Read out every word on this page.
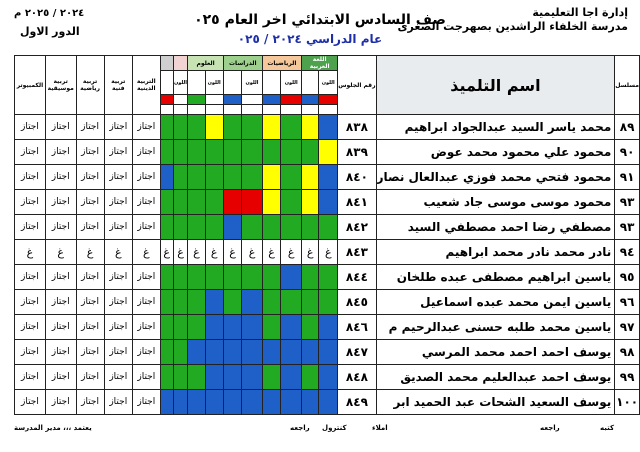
إدارة اجا التعليمية
مدرسة الخلفاء الراشدين بصهرجت الصغرى
صف السادس الابتدائي اخر العام ٠٢٥
عام الدراسي ٢٠٢٤ / ٠٢٥
٢٠٢٤ / ٢٠٢٥ م
الدور الاول
مسلسل	اسم التلميذ	رقم الجلوس	اللغة العربية		الرياضيات		الدراسات		العلوم				التربية الدينية	تربية فنية	تربية رياضية	تربية موسيقية	الكمبيوتر
			اللون		اللون		اللون		اللون		اللون						

٨٩	محمد ياسر السيد عبدالجواد ابراهيم	٨٣٨											اجتاز	اجتاز	اجتاز	اجتاز	اجتاز
٩٠	محمود علي محمود محمد عوض	٨٣٩											اجتاز	اجتاز	اجتاز	اجتاز	اجتاز
٩١	محمود فتحي محمد فوزي عبدالعال نصار	٨٤٠											اجتاز	اجتاز	اجتاز	اجتاز	اجتاز
٩٣	محمود موسى موسى جاد شعيب	٨٤١											اجتاز	اجتاز	اجتاز	اجتاز	اجتاز
٩٣	مصطفي رضا احمد مصطفي السيد	٨٤٢											اجتاز	اجتاز	اجتاز	اجتاز	اجتاز
٩٤	نادر محمد نادر محمد ابراهيم	٨٤٣	غ	غ	غ	غ	غ	غ	غ	غ	غ	غ	غ	غ	غ	غ	غ
٩٥	ياسين ابراهيم مصطفى عبده طلخان	٨٤٤											اجتاز	اجتاز	اجتاز	اجتاز	اجتاز
٩٦	ياسين ايمن محمد عبده اسماعيل	٨٤٥											اجتاز	اجتاز	اجتاز	اجتاز	اجتاز
٩٧	ياسين محمد طلبه حسنى عبدالرحيم م	٨٤٦											اجتاز	اجتاز	اجتاز	اجتاز	اجتاز
٩٨	يوسف احمد احمد محمد المرسي	٨٤٧											اجتاز	اجتاز	اجتاز	اجتاز	اجتاز
٩٩	يوسف احمد عبدالعليم محمد الصديق	٨٤٨											اجتاز	اجتاز	اجتاز	اجتاز	اجتاز
١٠٠	يوسف السعيد الشحات عبد الحميد ابر	٨٤٩											اجتاز	اجتاز	اجتاز	اجتاز	اجتاز
يعتمد ،،، مدير المدرسة	راجعه كنترول	املاء	راجعه	كتبه
